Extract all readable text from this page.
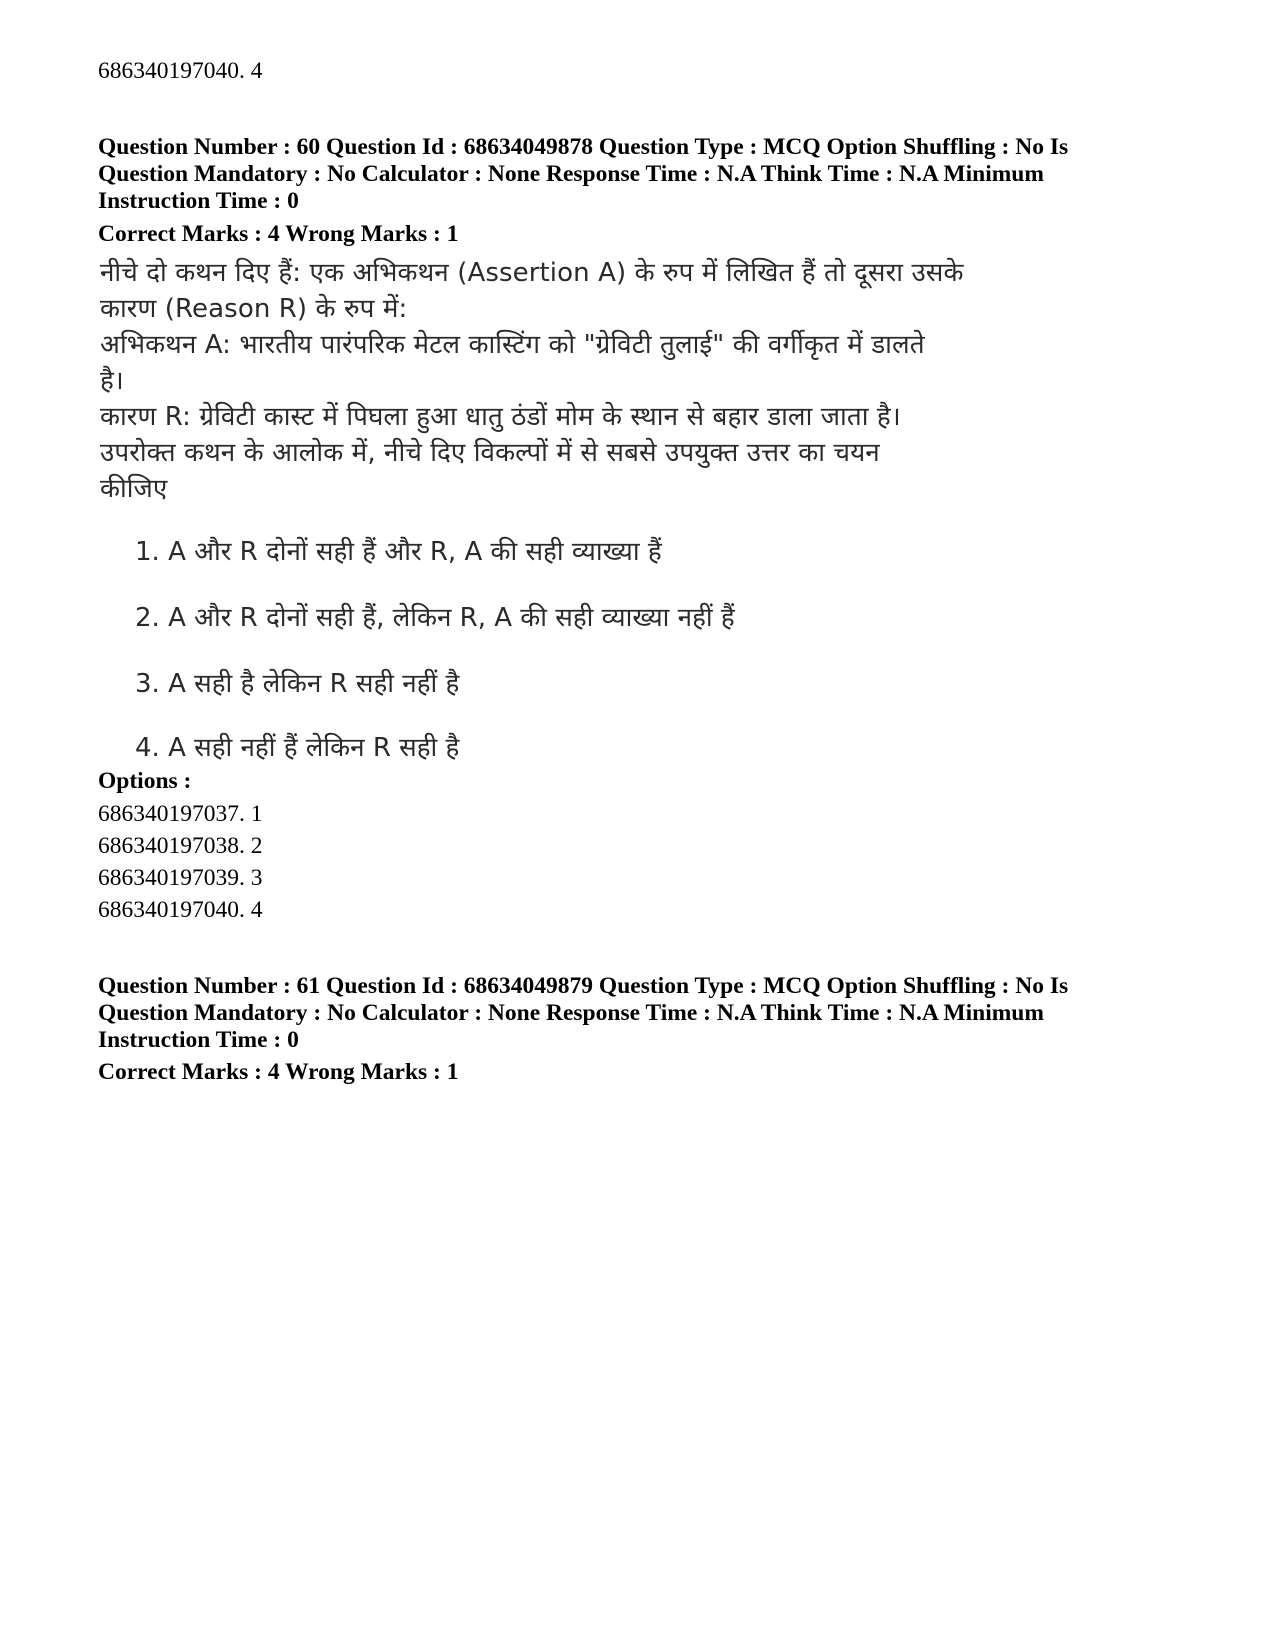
686340197040. 4

Question Number : 60 Question Id : 68634049878 Question Type : MCQ Option Shuffling : No Is

Question Mandatory : No Calculator : None Response Time : N.A Think Time : N.A Minimum

Instruction Time : 0

Correct Marks : 4 Wrong Marks : 1

नीचे दो कथन दिए हैं: एक अभिकथन (Assertion A) के रुप में लिखित हैं तो दूसरा उसके
कारण (Reason R) के रुप में:
अभिकथन A: भारतीय पारंपरिक मेटल कास्टिंग को "ग्रेविटी तुलाई" की वर्गीकृत में डालते
है।
कारण R: ग्रेविटी कास्ट में पिघला हुआ धातु ठंडों मोम के स्थान से बहार डाला जाता है।
उपरोक्त कथन के आलोक में, नीचे दिए विकल्पों में से सबसे उपयुक्त उत्तर का चयन
कीजिए
1. A और R दोनों सही हैं और R, A की सही व्याख्या हैं
2. A और R दोनों सही हैं, लेकिन R, A की सही व्याख्या नहीं हैं
3. A सही है लेकिन R सही नहीं है
4. A सही नहीं हैं लेकिन R सही है

Options :

686340197037. 1

686340197038. 2

686340197039. 3

686340197040. 4

Question Number : 61 Question Id : 68634049879 Question Type : MCQ Option Shuffling : No Is

Question Mandatory : No Calculator : None Response Time : N.A Think Time : N.A Minimum

Instruction Time : 0

Correct Marks : 4 Wrong Marks : 1
